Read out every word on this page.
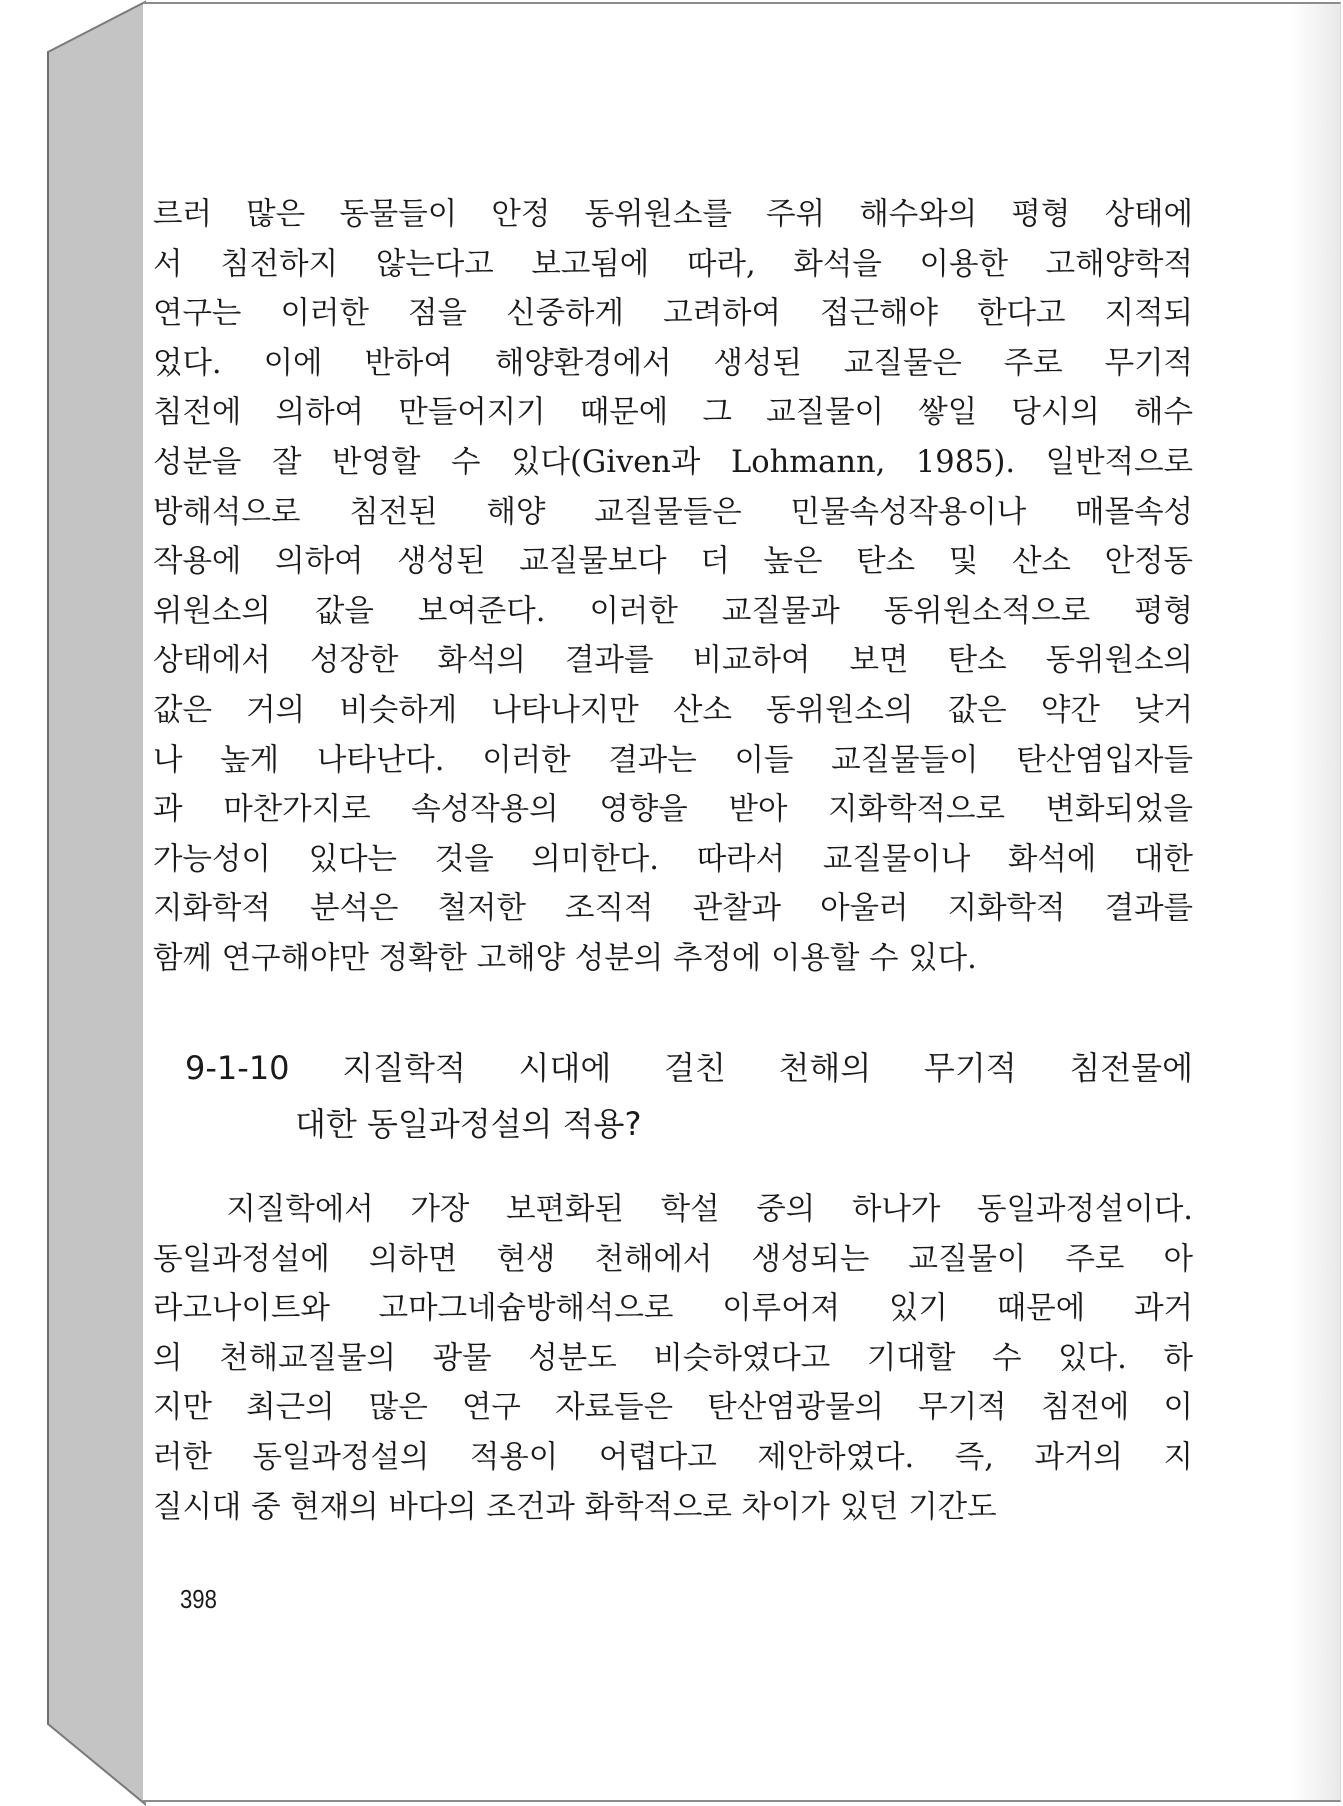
르러 많은 동물들이 안정 동위원소를 주위 해수와의 평형 상태에
서 침전하지 않는다고 보고됨에 따라, 화석을 이용한 고해양학적
연구는 이러한 점을 신중하게 고려하여 접근해야 한다고 지적되
었다. 이에 반하여 해양환경에서 생성된 교질물은 주로 무기적
침전에 의하여 만들어지기 때문에 그 교질물이 쌓일 당시의 해수
성분을 잘 반영할 수 있다(Given과 Lohmann, 1985). 일반적으로
방해석으로 침전된 해양 교질물들은 민물속성작용이나 매몰속성
작용에 의하여 생성된 교질물보다 더 높은 탄소 및 산소 안정동
위원소의 값을 보여준다. 이러한 교질물과 동위원소적으로 평형
상태에서 성장한 화석의 결과를 비교하여 보면 탄소 동위원소의
값은 거의 비슷하게 나타나지만 산소 동위원소의 값은 약간 낮거
나 높게 나타난다. 이러한 결과는 이들 교질물들이 탄산염입자들
과 마찬가지로 속성작용의 영향을 받아 지화학적으로 변화되었을
가능성이 있다는 것을 의미한다. 따라서 교질물이나 화석에 대한
지화학적 분석은 철저한 조직적 관찰과 아울러 지화학적 결과를
함께 연구해야만 정확한 고해양 성분의 추정에 이용할 수 있다.
9-1-10 지질학적 시대에 걸친 천해의 무기적 침전물에
대한 동일과정설의 적용?
지질학에서 가장 보편화된 학설 중의 하나가 동일과정설이다.
동일과정설에 의하면 현생 천해에서 생성되는 교질물이 주로 아
라고나이트와 고마그네슘방해석으로 이루어져 있기 때문에 과거
의 천해교질물의 광물 성분도 비슷하였다고 기대할 수 있다. 하
지만 최근의 많은 연구 자료들은 탄산염광물의 무기적 침전에 이
러한 동일과정설의 적용이 어렵다고 제안하였다. 즉, 과거의 지
질시대 중 현재의 바다의 조건과 화학적으로 차이가 있던 기간도
398
